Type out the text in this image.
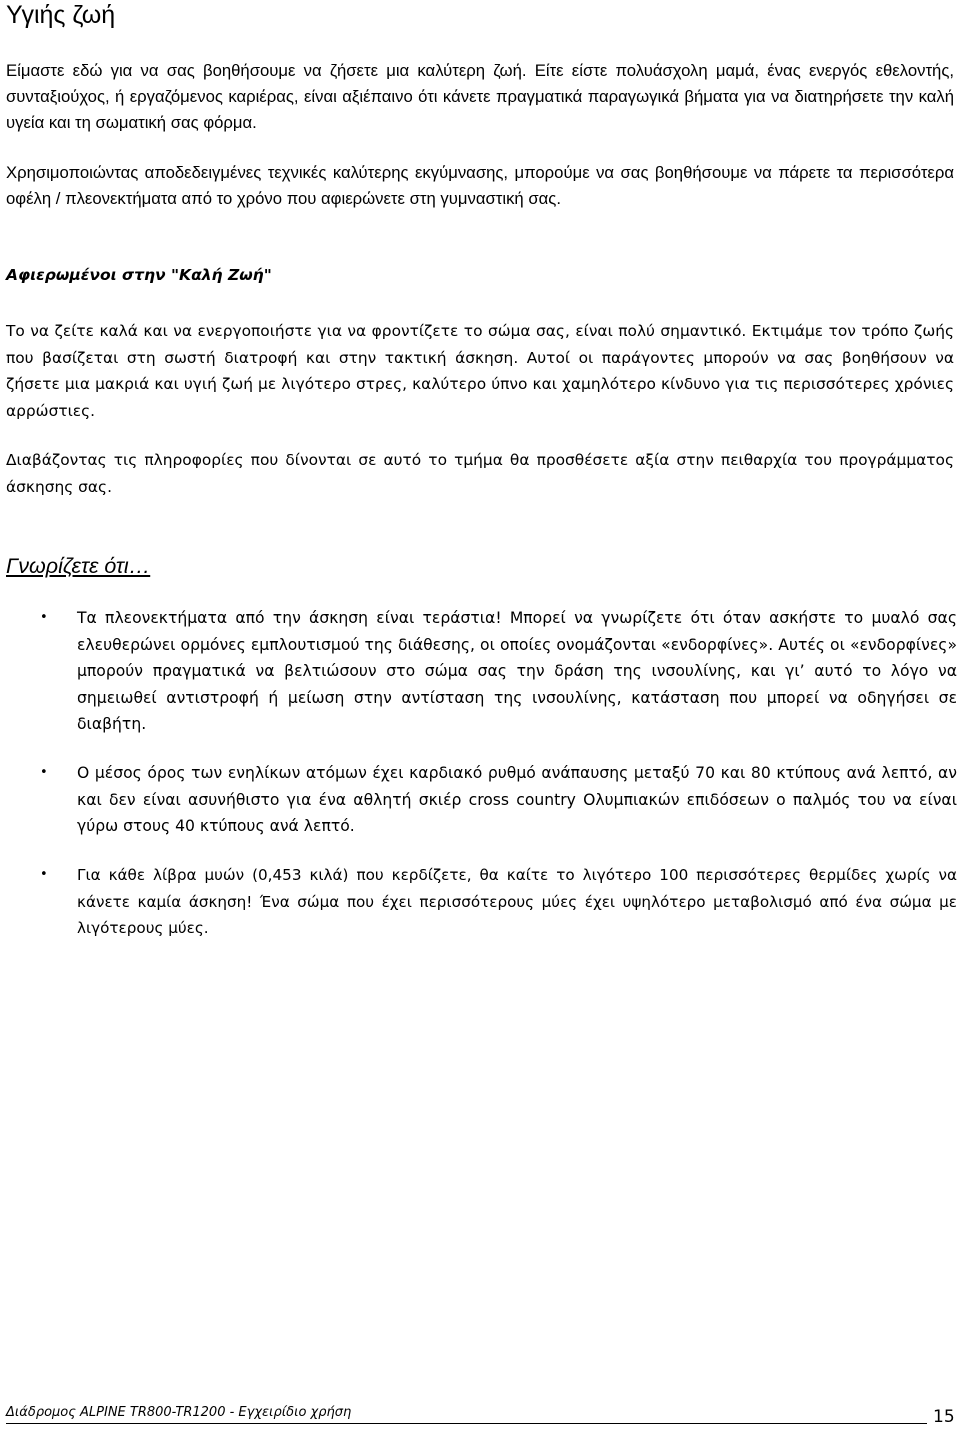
Υγιής ζωή

Είμαστε εδώ για να σας βοηθήσουμε να ζήσετε μια καλύτερη ζωή. Είτε είστε πολυάσχολη μαμά, ένας ενεργός εθελοντής, συνταξιούχος, ή εργαζόμενος καριέρας, είναι αξιέπαινο ότι κάνετε πραγματικά παραγωγικά βήματα για να διατηρήσετε την καλή υγεία και τη σωματική σας φόρμα.

Χρησιμοποιώντας αποδεδειγμένες τεχνικές καλύτερης εκγύμνασης, μπορούμε να σας βοηθήσουμε να πάρετε τα περισσότερα οφέλη / πλεονεκτήματα από το χρόνο που αφιερώνετε στη γυμναστική σας.

Αφιερωμένοι στην "Καλή Ζωή"

Το να ζείτε καλά και να ενεργοποιήστε για να φροντίζετε το σώμα σας, είναι πολύ σημαντικό. Εκτιμάμε τον τρόπο ζωής που βασίζεται στη σωστή διατροφή και στην τακτική άσκηση. Αυτοί οι παράγοντες μπορούν να σας βοηθήσουν να ζήσετε μια μακριά και υγιή ζωή με λιγότερο στρες, καλύτερο ύπνο και χαμηλότερο κίνδυνο για τις περισσότερες χρόνιες αρρώστιες.

Διαβάζοντας τις πληροφορίες που δίνονται σε αυτό το τμήμα θα προσθέσετε αξία στην πειθαρχία του προγράμματος άσκησης σας.

Γνωρίζετε ότι…
• Τα πλεονεκτήματα από την άσκηση είναι τεράστια! Μπορεί να γνωρίζετε ότι όταν ασκήστε το μυαλό σας ελευθερώνει ορμόνες εμπλουτισμού της διάθεσης, οι οποίες ονομάζονται «ενδορφίνες». Αυτές οι «ενδορφίνες» μπορούν πραγματικά να βελτιώσουν στο σώμα σας την δράση της ινσουλίνης, και γι’ αυτό το λόγο να σημειωθεί αντιστροφή ή μείωση στην αντίσταση της ινσουλίνης, κατάσταση που μπορεί να οδηγήσει σε διαβήτη.

• Ο μέσος όρος των ενηλίκων ατόμων έχει καρδιακό ρυθμό ανάπαυσης μεταξύ 70 και 80 κτύπους ανά λεπτό, αν και δεν είναι ασυνήθιστο για ένα αθλητή σκιέρ cross country Ολυμπιακών επιδόσεων ο παλμός του να είναι γύρω στους 40 κτύπους ανά λεπτό.

• Για κάθε λίβρα μυών (0,453 κιλά) που κερδίζετε, θα καίτε το λιγότερο 100 περισσότερες θερμίδες χωρίς να κάνετε καμία άσκηση! Ένα σώμα που έχει περισσότερους μύες έχει υψηλότερο μεταβολισμό από ένα σώμα με λιγότερους μύες.

Διάδρομος ALPINE TR800-TR1200 - Εγχειρίδιο χρήση	15
